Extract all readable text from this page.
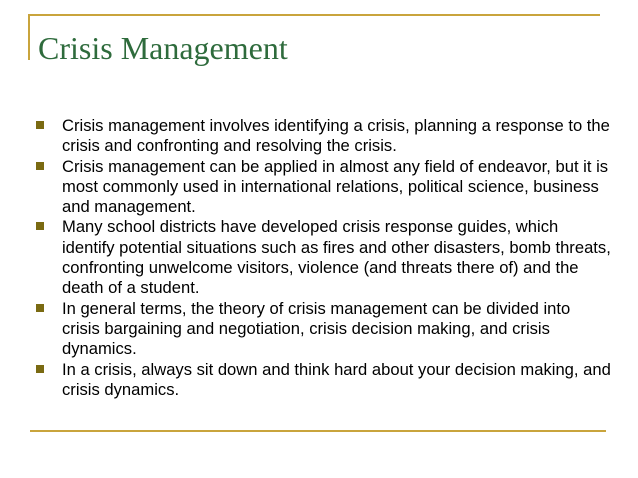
Crisis Management
Crisis management involves identifying a crisis, planning a response to the crisis and confronting and resolving the crisis.
Crisis management can be applied in almost any field of endeavor, but it is most commonly used in international relations, political science, business and management.
Many school districts have developed crisis response guides, which identify potential situations such as fires and other disasters, bomb threats, confronting unwelcome visitors, violence (and threats there of) and the death of a student.
In general terms, the theory of crisis management can be divided into crisis bargaining and negotiation, crisis decision making, and crisis dynamics.
In a crisis, always sit down and think hard about your decision making, and crisis dynamics.
